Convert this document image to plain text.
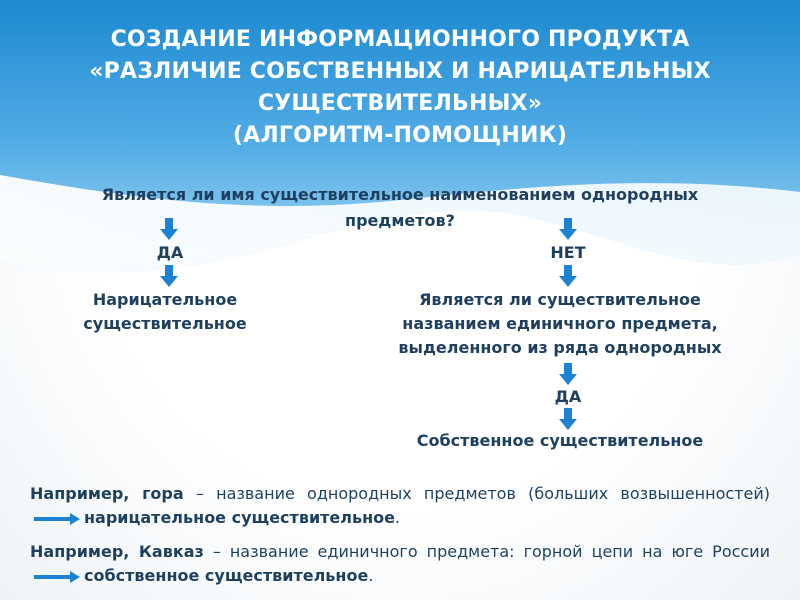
СОЗДАНИЕ ИНФОРМАЦИОННОГО ПРОДУКТА
«РАЗЛИЧИЕ СОБСТВЕННЫХ И НАРИЦАТЕЛЬНЫХ
СУЩЕСТВИТЕЛЬНЫХ»
(АЛГОРИТМ-ПОМОЩНИК)
Является ли имя существительное наименованием однородных
предметов?
ДА	НЕТ
Нарицательное
существительное
Является ли существительное
названием единичного предмета,
выделенного из ряда однородных
ДА
Собственное существительное
Например, гора – название однородных предметов (больших возвышенностей)нарицательное существительное.
Например, Кавказ – название единичного предмета: горной цепи на юге Россиисобственное существительное.
